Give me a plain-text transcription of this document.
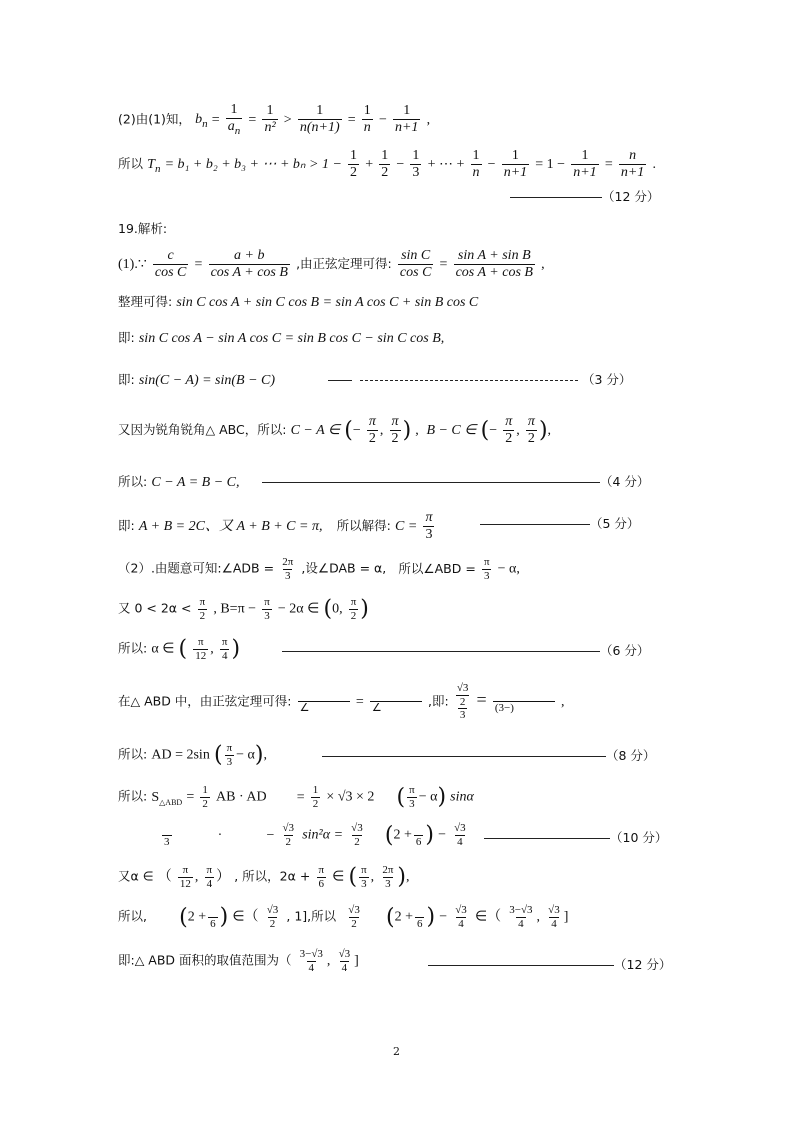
(2)由(1)知， $b_n = \frac{1}{a_n} = \frac{1}{\text{n²}} > \frac{1}{n(n+1)} = \frac{1}{n} - \frac{1}{n+1}$ ,
所以 $T_n = b_1 + b_2 + b_3$ + ⋯ + $b_n > 1 - \frac{1}{2} + \frac{1}{2} - \frac{1}{3}$ + ⋯ + $\frac{1}{n} - \frac{1}{n+1} = 1 - \frac{1}{n+1} = \frac{n}{n+1}$ .
（12 分）
19.解析:
(1).∵ $\frac{c}{\text{cos C}} = \frac{a + b}{\text{cos A + cos B}}$ ,由正弦定理可得: $\frac{\text{sin C}}{\text{cos C}} = \frac{\text{sin A + sin B}}{\text{cos A + cos B}}$ ,
整理可得: sin C cos A + sin C cos B = sin A cos C + sin B cos C
即: sin C cos A − sin A cos C = sin B cos C − sin C cos B,
即: sin(C − A) = sin(B − C)	（3 分）
又因为锐角锐角△ ABC，所以: C − A ∈ (− $\frac{\pi}{2}$ , $\frac{\pi}{2}$ ) ,  B − C ∈ (− $\frac{\pi}{2}$ , $\frac{\pi}{2}$ ),
所以: C − A = B − C,	（4 分）
即: A + B = 2C、又 A + B + C = π, 所以解得: $C = \frac{\pi}{3}$	（5 分）
（2）.由题意可知:∠ADB = $\frac{2\pi}{3}$ ,设∠DAB = α, 所以∠ABD = $\frac{\pi}{3} - \alpha$,
又 $0 < 2\alpha < \frac{\pi}{2}$ , $B=\pi - \frac{\pi}{3} - 2\alpha$ ∈ (0, $\frac{\pi}{2}$ )
所以: α ∈ ( $\frac{\pi}{12}$ , $\frac{\pi}{4}$ )	（6 分）
在△ ABD 中，由正弦定理可得:
∠	=
∠	,即: $\frac{√3}{\frac{2}{3}}$ =
(3−)	,
所以: AD = 2sin ( $\frac{\pi}{3} - \alpha$),	（8 分）
所以: $S_{\triangle ABD} = \frac{1}{2}$ AB · AD = $\frac{1}{2} \times √3 \times 2$ ( $\frac{\pi}{3} - \alpha$) sinα

3	·	− $\frac{√3}{2} \sin^2\alpha = \frac{√3}{2} (2$ +
6 ) − $\frac{√3}{4}$	（10 分）
又α ∈ （ $\frac{\pi}{12}$ , $\frac{\pi}{4}$ ） , 所以，$2\alpha + \frac{\pi}{6}$ ∈ ( $\frac{\pi}{3}$ , $\frac{2\pi}{3}$ ),
所以, (2 +
6 ) ∈（ $\frac{√3}{2}$ , 1],所以 $\frac{√3}{2} (2$ +
6 ) − $\frac{√3}{4}$ ∈（ $\frac{3-√3}{4}$ , $\frac{√3}{4}$ ]
即:△ ABD 面积的取值范围为（ $\frac{3-√3}{4}$ , $\frac{√3}{4}$ ]	（12 分）
2
